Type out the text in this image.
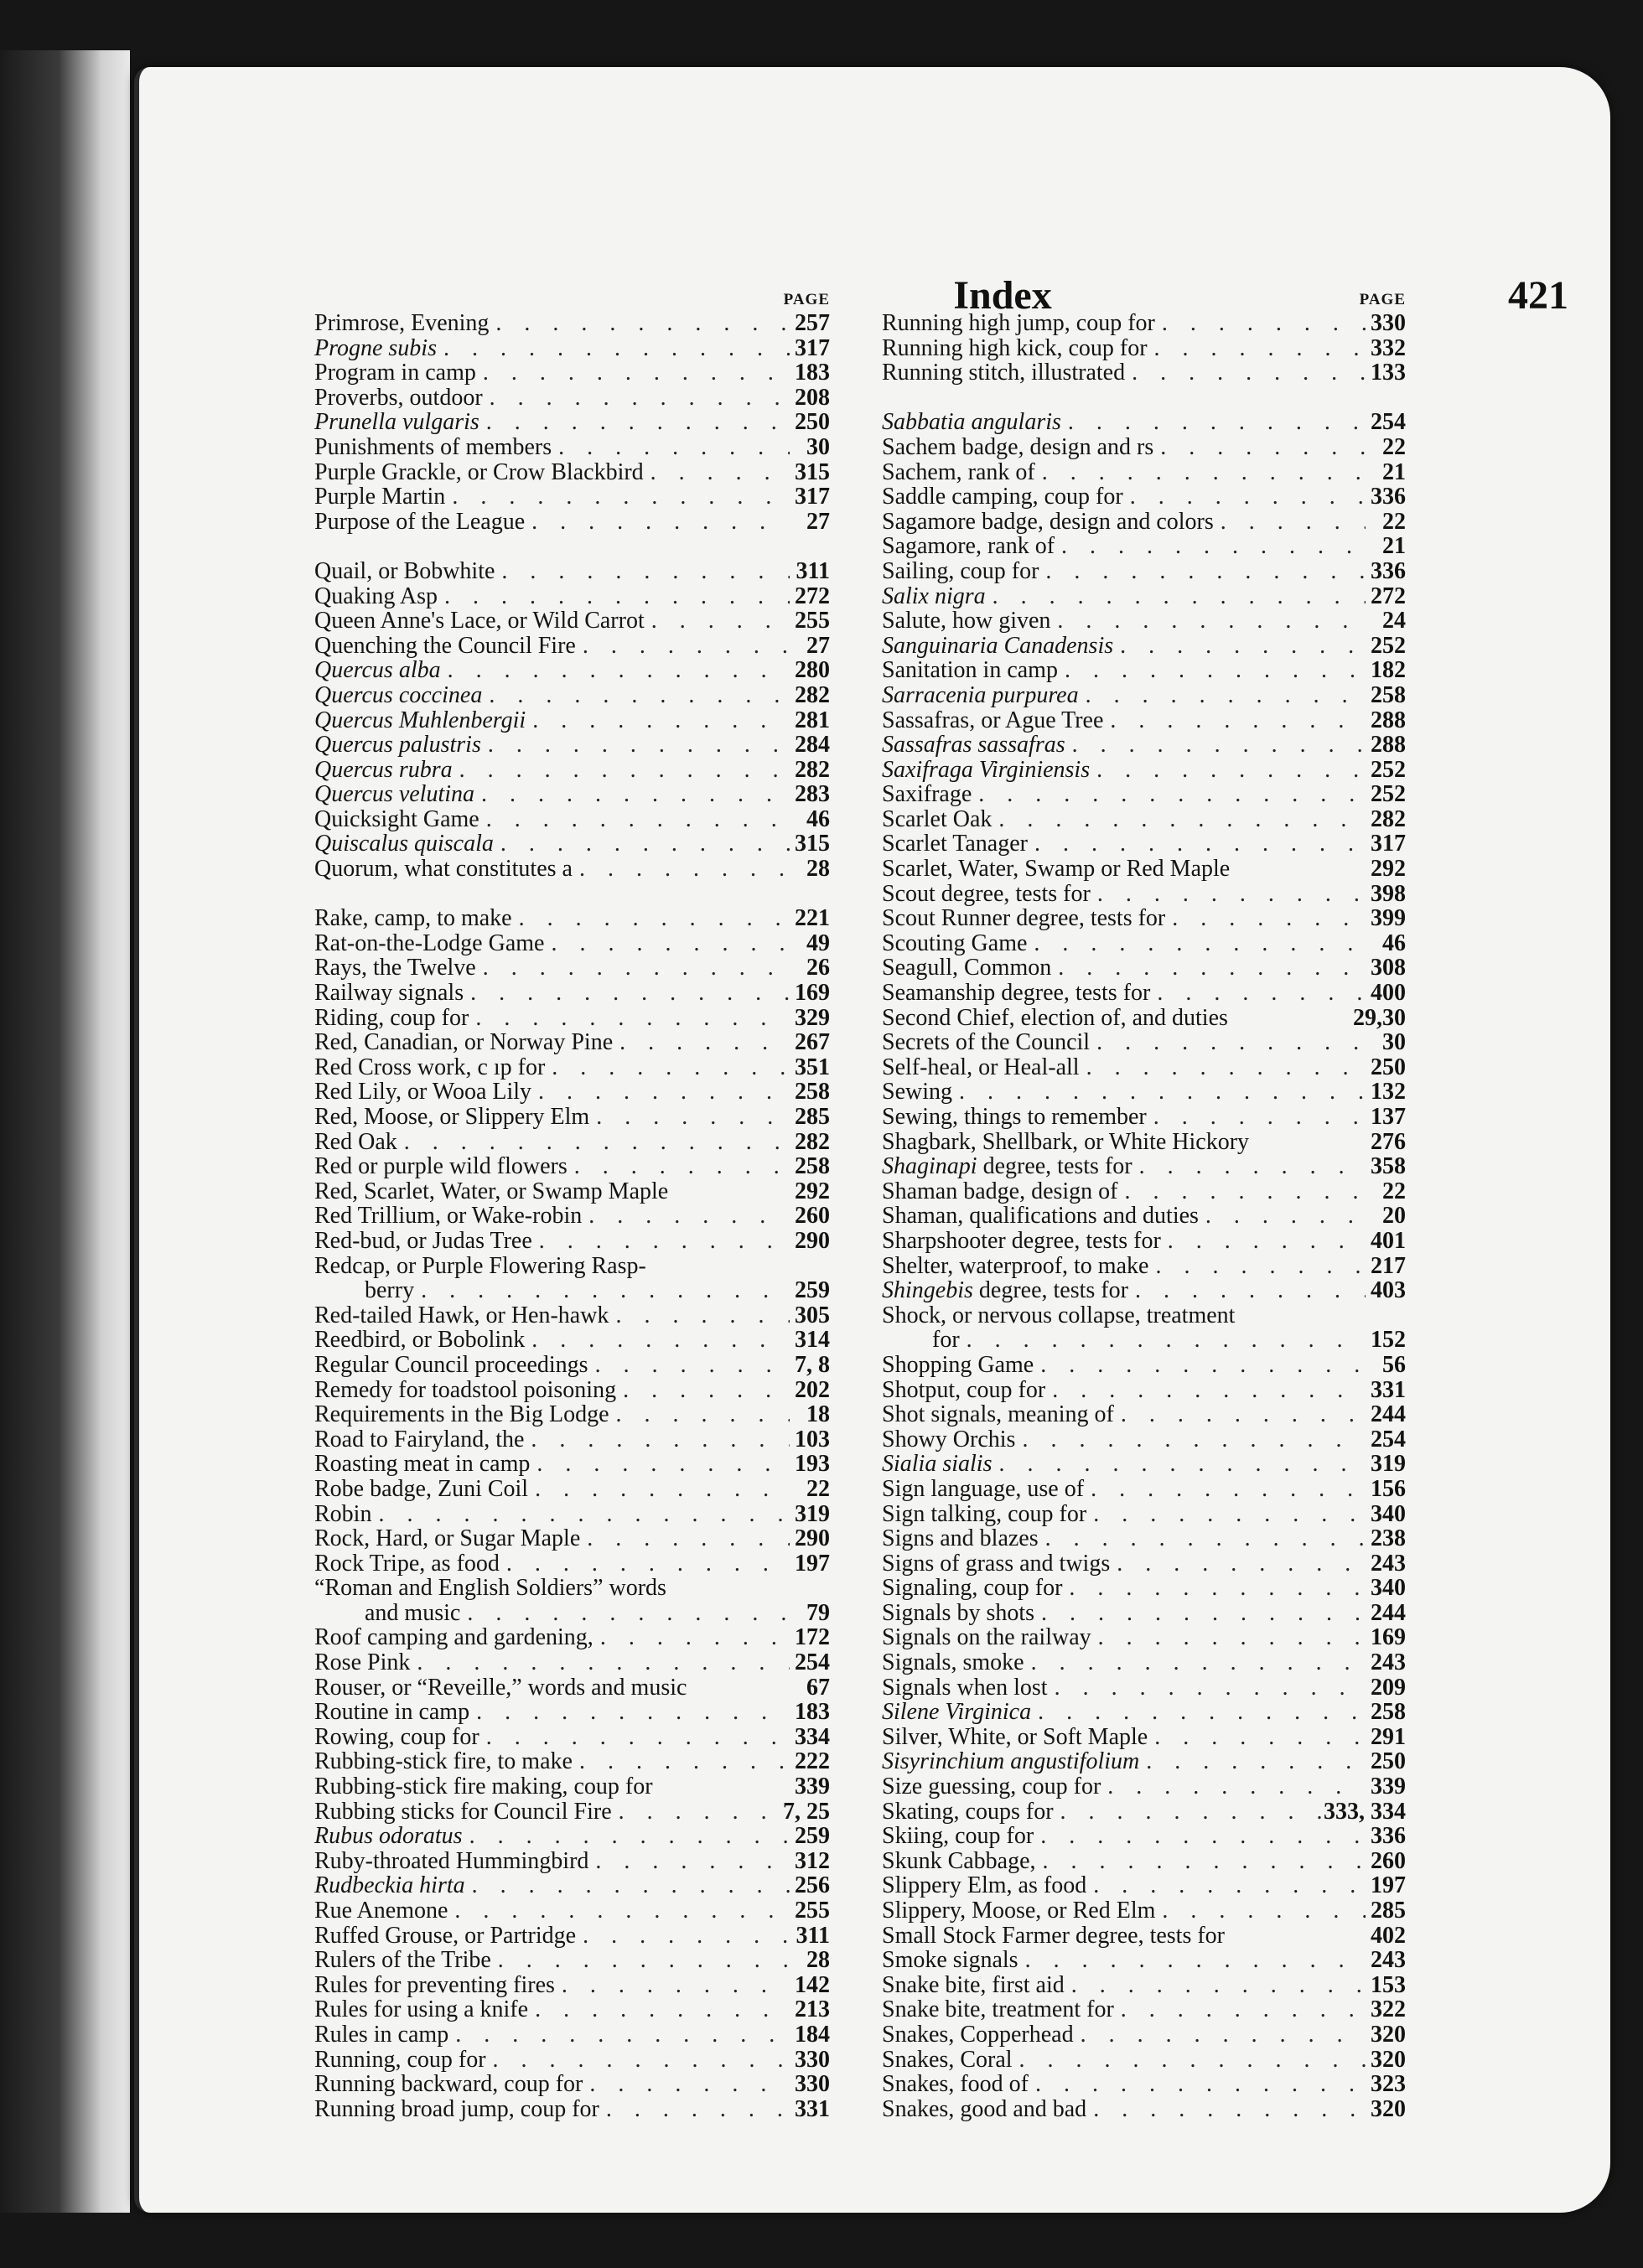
Index	421
PAGE
Primrose, Evening . . .	257
Progne subis . . .	317
Program in camp . . .	183
Proverbs, outdoor . . .	208
Prunella vulgaris . . .	250
Punishments of members . . .	30
Purple Grackle, or Crow Blackbird . . .	315
Purple Martin . . .	317
Purpose of the League . . .	27
Quail, or Bobwhite . . .	311
Quaking Asp . . .	272
Queen Anne's Lace, or Wild Carrot . . .	255
Quenching the Council Fire . . .	27
Quercus alba . . .	280
Quercus coccinea . . .	282
Quercus Muhlenbergii . . .	281
Quercus palustris . . .	284
Quercus rubra . . .	282
Quercus velutina . . .	283
Quicksight Game . . .	46
Quiscalus quiscala . . .	315
Quorum, what constitutes a . . .	28
Rake, camp, to make . . .	221
Rat-on-the-Lodge Game . . .	49
Rays, the Twelve . . .	26
Railway signals . . .	169
Riding, coup for . . .	329
Red, Canadian, or Norway Pine . . .	267
Red Cross work, c ıp for . . .	351
Red Lily, or Wooa Lily . . .	258
Red, Moose, or Slippery Elm . . .	285
Red Oak . . .	282
Red or purple wild flowers . . .	258
Red, Scarlet, Water, or Swamp Maple	292
Red Trillium, or Wake-robin . . .	260
Red-bud, or Judas Tree . . .	290
Redcap, or Purple Flowering Rasp-
berry . . .	259
Red-tailed Hawk, or Hen-hawk . . .	305
Reedbird, or Bobolink . . .	314
Regular Council proceedings . . .	7, 8
Remedy for toadstool poisoning . . .	202
Requirements in the Big Lodge . . .	18
Road to Fairyland, the . . .	103
Roasting meat in camp . . .	193
Robe badge, Zuni Coil . . .	22
Robin . . .	319
Rock, Hard, or Sugar Maple . . .	290
Rock Tripe, as food . . .	197
“Roman and English Soldiers” words
and music . . .	79
Roof camping and gardening, . . .	172
Rose Pink . . .	254
Rouser, or “Reveille,” words and music	67
Routine in camp . . .	183
Rowing, coup for . . .	334
Rubbing-stick fire, to make . . .	222
Rubbing-stick fire making, coup for	339
Rubbing sticks for Council Fire . . .	7, 25
Rubus odoratus . . .	259
Ruby-throated Hummingbird . . .	312
Rudbeckia hirta . . .	256
Rue Anemone . . .	255
Ruffed Grouse, or Partridge . . .	311
Rulers of the Tribe . . .	28
Rules for preventing fires . . .	142
Rules for using a knife . . .	213
Rules in camp . . .	184
Running, coup for . . .	330
Running backward, coup for . . .	330
Running broad jump, coup for . . .	331
PAGE
Running high jump, coup for . . .	330
Running high kick, coup for . . .	332
Running stitch, illustrated . . .	133
Sabbatia angularis . . .	254
Sachem badge, design and rs . . .	22
Sachem, rank of . . .	21
Saddle camping, coup for . . .	336
Sagamore badge, design and colors . . .	22
Sagamore, rank of . . .	21
Sailing, coup for . . .	336
Salix nigra . . .	272
Salute, how given . . .	24
Sanguinaria Canadensis . . .	252
Sanitation in camp . . .	182
Sarracenia purpurea . . .	258
Sassafras, or Ague Tree . . .	288
Sassafras sassafras . . .	288
Saxifraga Virginiensis . . .	252
Saxifrage . . .	252
Scarlet Oak . . .	282
Scarlet Tanager . . .	317
Scarlet, Water, Swamp or Red Maple	292
Scout degree, tests for . . .	398
Scout Runner degree, tests for . . .	399
Scouting Game . . .	46
Seagull, Common . . .	308
Seamanship degree, tests for . . .	400
Second Chief, election of, and duties	29,30
Secrets of the Council . . .	30
Self-heal, or Heal-all . . .	250
Sewing . . .	132
Sewing, things to remember . . .	137
Shagbark, Shellbark, or White Hickory	276
Shaginapi degree, tests for . . .	358
Shaman badge, design of . . .	22
Shaman, qualifications and duties . . .	20
Sharpshooter degree, tests for . . .	401
Shelter, waterproof, to make . . .	217
Shingebis degree, tests for . . .	403
Shock, or nervous collapse, treatment
for . . .	152
Shopping Game . . .	56
Shotput, coup for . . .	331
Shot signals, meaning of . . .	244
Showy Orchis . . .	254
Sialia sialis . . .	319
Sign language, use of . . .	156
Sign talking, coup for . . .	340
Signs and blazes . . .	238
Signs of grass and twigs . . .	243
Signaling, coup for . . .	340
Signals by shots . . .	244
Signals on the railway . . .	169
Signals, smoke . . .	243
Signals when lost . . .	209
Silene Virginica . . .	258
Silver, White, or Soft Maple . . .	291
Sisyrinchium angustifolium . . .	250
Size guessing, coup for . . .	339
Skating, coups for . . .	333, 334
Skiing, coup for . . .	336
Skunk Cabbage, . . .	260
Slippery Elm, as food . . .	197
Slippery, Moose, or Red Elm . . .	285
Small Stock Farmer degree, tests for	402
Smoke signals . . .	243
Snake bite, first aid . . .	153
Snake bite, treatment for . . .	322
Snakes, Copperhead . . .	320
Snakes, Coral . . .	320
Snakes, food of . . .	323
Snakes, good and bad . . .	320
